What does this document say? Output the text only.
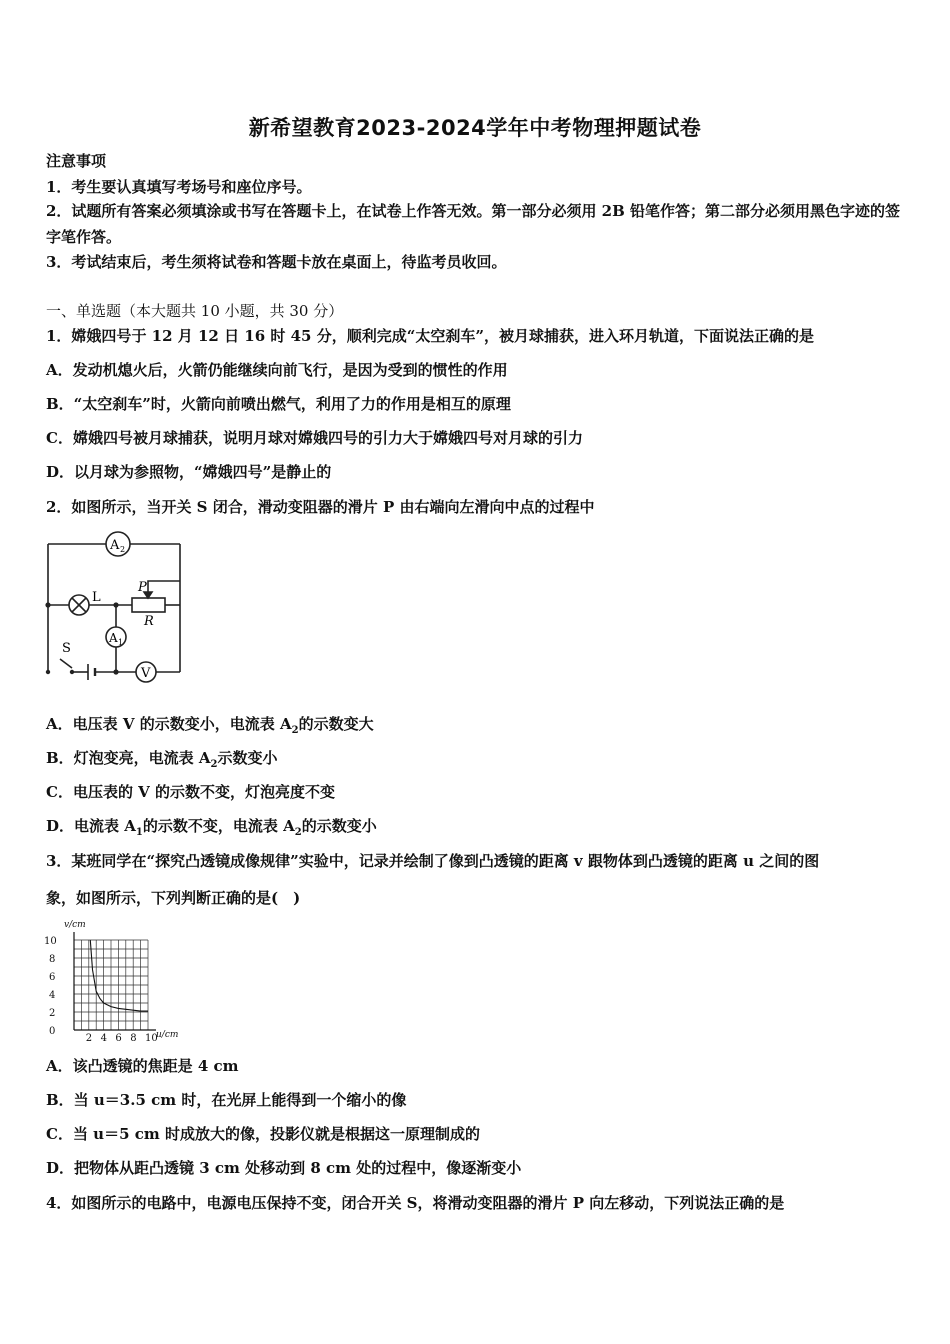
新希望教育2023-2024学年中考物理押题试卷
注意事项
1．考生要认真填写考场号和座位序号。
2．试题所有答案必须填涂或书写在答题卡上，在试卷上作答无效。第一部分必须用 2B 铅笔作答；第二部分必须用黑色字迹的签字笔作答。
3．考试结束后，考生须将试卷和答题卡放在桌面上，待监考员收回。
一、单选题（本大题共 10 小题，共 30 分）
1．嫦娥四号于 12 月 12 日 16 时 45 分，顺利完成“太空刹车”，被月球捕获，进入环月轨道，下面说法正确的是
A．发动机熄火后，火箭仍能继续向前飞行，是因为受到的惯性的作用
B．“太空刹车”时，火箭向前喷出燃气，利用了力的作用是相互的原理
C．嫦娥四号被月球捕获，说明月球对嫦娥四号的引力大于嫦娥四号对月球的引力
D．以月球为参照物，“嫦娥四号”是静止的
2．如图所示，当开关 S 闭合，滑动变阻器的滑片 P 由右端向左滑向中点的过程中
A 2
L
P
R
A 1
V
S
A．电压表 V 的示数变小，电流表 $A_2$的示数变大
B．灯泡变亮，电流表 $A_2$示数变小
C．电压表的 V 的示数不变，灯泡亮度不变
D．电流表 $A_1$的示数不变，电流表 $A_2$的示数变小
3．某班同学在“探究凸透镜成像规律”实验中，记录并绘制了像到凸透镜的距离 v 跟物体到凸透镜的距离 u 之间的图
象，如图所示，下列判断正确的是(　)
2 4 6 8 10
0
2
4
6
8
10
v/cm
u/cm
A．该凸透镜的焦距是 4 cm
B．当 u＝3.5 cm 时，在光屏上能得到一个缩小的像
C．当 u＝5 cm 时成放大的像，投影仪就是根据这一原理制成的
D．把物体从距凸透镜 3 cm 处移动到 8 cm 处的过程中，像逐渐变小
4．如图所示的电路中，电源电压保持不变，闭合开关 S，将滑动变阻器的滑片 P 向左移动，下列说法正确的是
